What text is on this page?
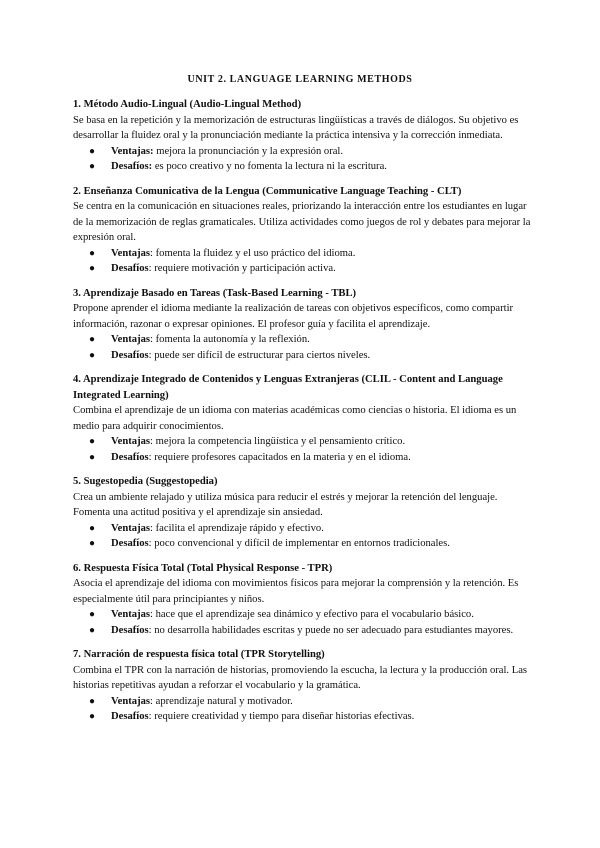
UNIT 2. LANGUAGE LEARNING METHODS
1. Método Audio-Lingual (Audio-Lingual Method)

Se basa en la repetición y la memorización de estructuras lingüísticas a través de diálogos. Su objetivo es desarrollar la fluidez oral y la pronunciación mediante la práctica intensiva y la corrección inmediata.

● Ventajas: mejora la pronunciación y la expresión oral.
● Desafíos: es poco creativo y no fomenta la lectura ni la escritura.
2. Enseñanza Comunicativa de la Lengua (Communicative Language Teaching - CLT)

Se centra en la comunicación en situaciones reales, priorizando la interacción entre los estudiantes en lugar de la memorización de reglas gramaticales. Utiliza actividades como juegos de rol y debates para mejorar la expresión oral.

● Ventajas: fomenta la fluidez y el uso práctico del idioma.
● Desafíos: requiere motivación y participación activa.
3. Aprendizaje Basado en Tareas (Task-Based Learning - TBL)

Propone aprender el idioma mediante la realización de tareas con objetivos específicos, como compartir información, razonar o expresar opiniones. El profesor guía y facilita el aprendizaje.

● Ventajas: fomenta la autonomía y la reflexión.
● Desafíos: puede ser difícil de estructurar para ciertos niveles.
4. Aprendizaje Integrado de Contenidos y Lenguas Extranjeras (CLIL - Content and Language Integrated Learning)

Combina el aprendizaje de un idioma con materias académicas como ciencias o historia. El idioma es un medio para adquirir conocimientos.

● Ventajas: mejora la competencia lingüística y el pensamiento crítico.
● Desafíos: requiere profesores capacitados en la materia y en el idioma.
5. Sugestopedia (Suggestopedia)

Crea un ambiente relajado y utiliza música para reducir el estrés y mejorar la retención del lenguaje. Fomenta una actitud positiva y el aprendizaje sin ansiedad.

● Ventajas: facilita el aprendizaje rápido y efectivo.
● Desafíos: poco convencional y difícil de implementar en entornos tradicionales.
6. Respuesta Física Total (Total Physical Response - TPR)

Asocia el aprendizaje del idioma con movimientos físicos para mejorar la comprensión y la retención. Es especialmente útil para principiantes y niños.

● Ventajas: hace que el aprendizaje sea dinámico y efectivo para el vocabulario básico.
● Desafíos: no desarrolla habilidades escritas y puede no ser adecuado para estudiantes mayores.
7. Narración de respuesta física total (TPR Storytelling)

Combina el TPR con la narración de historias, promoviendo la escucha, la lectura y la producción oral. Las historias repetitivas ayudan a reforzar el vocabulario y la gramática.

● Ventajas: aprendizaje natural y motivador.
● Desafíos: requiere creatividad y tiempo para diseñar historias efectivas.
